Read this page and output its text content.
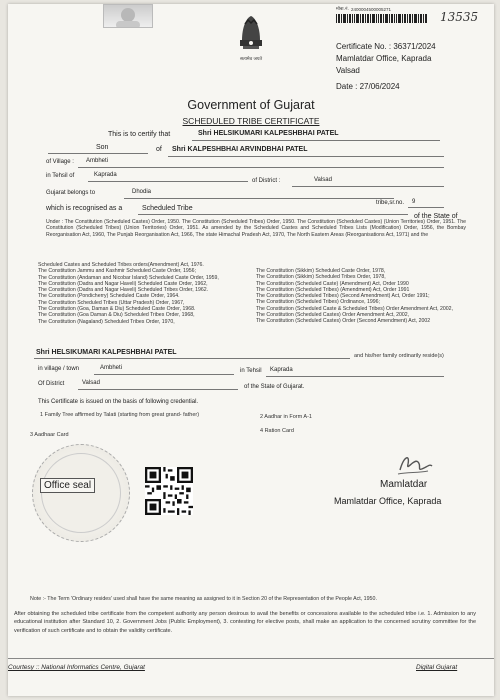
सत्यमेव जयते
मोबा.नं. 2400004500005271
13535
Certificate No. : 36371/2024
Mamlatdar Office, Kaprada
Valsad
Date : 27/06/2024
Government of Gujarat
SCHEDULED TRIBE CERTIFICATE
This is to certify that	Shri HELSIKUMARI KALPESHBHAI PATEL
Son	of Shri KALPESHBHAI ARVINDBHAI PATEL
of Village : Ambheti
in Tehsil of	Kaprada
of District :	Valsad
Gujarat belongs to	Dhodia
tribe,sr.no. 9
which is recognised as a	Scheduled Tribe
of the State of
Under : The Constitution (Scheduled Castes) Order, 1950. The Constitution (Scheduled Tribes) Order, 1950. The Constitution (Scheduled Castes) (Union Territories) Order, 1951. The Constitution (Scheduled Tribes) (Union Territories) Order, 1951. As amended by the Scheduled Castes and Scheduled Tribes Lists (Modification) Order, 1956, the Bombay Reorganisation Act, 1960, The Punjab Reorganisation Act, 1966, The state Himachal Pradesh Act, 1970, The North Eastern Areas (Reorganisations Act, 1971) and the
Scheduled Castes and Scheduled Tribes orders(Amendment) Act, 1976.
The Constitution Jammu and Kashmir Scheduled Caste Order, 1956;
The Constitution (Andaman and Nicobar Island) Scheduled Caste Order, 1959,
The Constitution (Dadra and Nagar Haveli) Scheduled Caste Order, 1962,
The Constitution (Dadra and Nagar Haveli) Scheduled Tribes Order, 1962.
The Constitution (Pondicherry) Scheduled Caste Order, 1964.
The Constitution Scheduled Tribes (Uttar Pradesh) Order, 1967,
The Constitution (Goa, Daman & Diu) Scheduled Caste Order, 1968.
The Constitution (Goa Daman & Diu) Scheduled Tribes Order, 1968,
The Constitution (Nagaland) Scheduled Tribes Order, 1970,
The Constitution (Sikkim) Scheduled Caste Order, 1978,
The Constitution (Sikkim) Scheduled Tribes Order, 1978,
The Constitution (Scheduled Caste) (Amendment) Act, Order 1990
The Constitution (Scheduled Tribes) (Amendment) Act, Order 1991
The Constitution (Scheduled Tribes) (Second Amendment) Act, Order 1991;
The Constitution (Scheduled Tribes) Ordinance, 1996;
The Constitution (Scheduled Caste & Scheduled Tribes) Order Amendment Act, 2002,
The Constitution (Scheduled Castes) Order Amendment Act, 2002,
The Constitution (Scheduled Castes) Order (Second Amendment) Act, 2002
Shri HELSIKUMARI KALPESHBHAI PATEL	and his/her family ordinarily reside(s)
in village / town	Ambheti	in Tehsil Kaprada
Of District	Valsad
of the State of Gujarat.
This Certificate is issued on the basis of following credential.
1 Family Tree affirmed by Talati (starting from great grand- father)	2 Aadhar in Form A-1
3 Aadhaar Card
4 Ration Card
Office seal	Mamlatdar
Mamlatdar Office, Kaprada
Note :- The Term 'Ordinary resides' used shall have the same meaning as assigned to it in Section 20 of the Representation of the People Act, 1950.
After obtaining the scheduled tribe certificate from the competent authority any person desirous to avail the benefits or concessions available to the scheduled tribe i.e. 1. Admission to any educational institution after Standard 10, 2. Government Jobs (Public Employment), 3. contesting for elective posts, shall make an application to the concerned scrutiny committee for the verification of such certificate and to obtain the validity certificate.
Courtesy :: National Informatics Centre, Gujarat	Digital Gujarat
